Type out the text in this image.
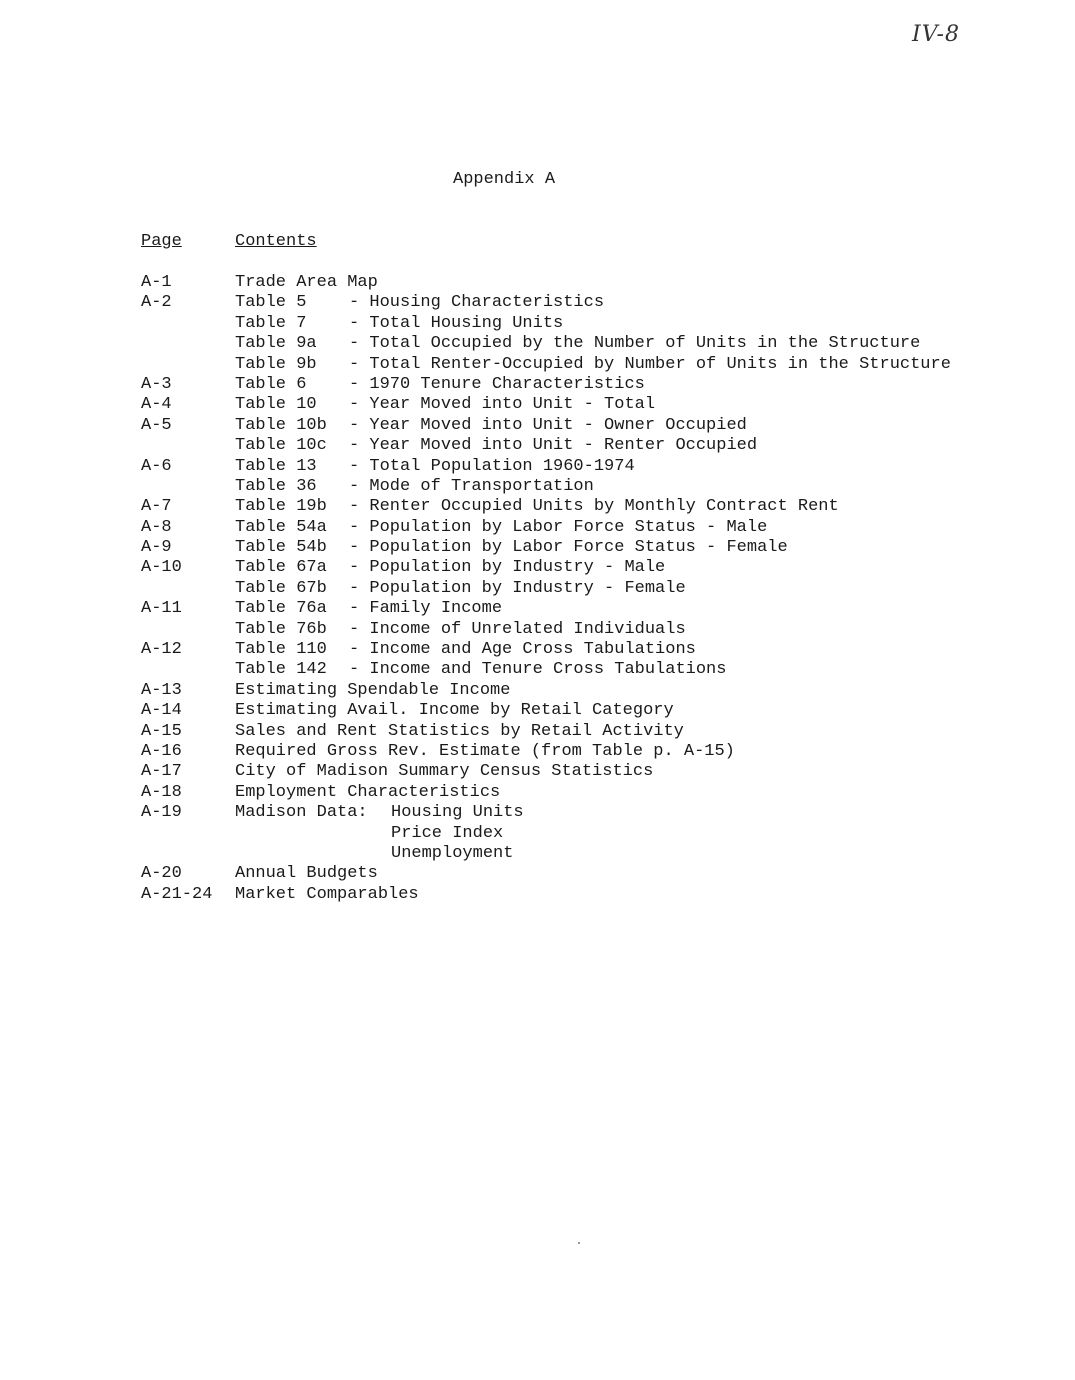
IV-8
Appendix A
Page	Contents
A-1	Trade Area Map
A-2	Table 5	- Housing Characteristics
Table 7	- Total Housing Units
Table 9a - Total Occupied by the Number of Units in the Structure
Table 9b - Total Renter-Occupied by Number of Units in the Structure
A-3	Table 6	- 1970 Tenure Characteristics
A-4	Table 10 - Year Moved into Unit - Total
A-5	Table 10b - Year Moved into Unit - Owner Occupied
Table 10c - Year Moved into Unit - Renter Occupied
A-6	Table 13 - Total Population 1960-1974
Table 36 - Mode of Transportation
A-7	Table 19b - Renter Occupied Units by Monthly Contract Rent
A-8	Table 54a - Population by Labor Force Status - Male
A-9	Table 54b - Population by Labor Force Status - Female
A-10	Table 67a - Population by Industry - Male
Table 67b - Population by Industry - Female
A-11	Table 76a - Family Income
Table 76b - Income of Unrelated Individuals
A-12	Table 110 - Income and Age Cross Tabulations
Table 142 - Income and Tenure Cross Tabulations
A-13	Estimating Spendable Income
A-14	Estimating Avail. Income by Retail Category
A-15	Sales and Rent Statistics by Retail Activity
A-16	Required Gross Rev. Estimate (from Table p. A-15)
A-17	City of Madison Summary Census Statistics
A-18	Employment Characteristics
A-19	Madison Data: Housing Units
Price Index
Unemployment
A-20	Annual Budgets
A-21-24 Market Comparables
